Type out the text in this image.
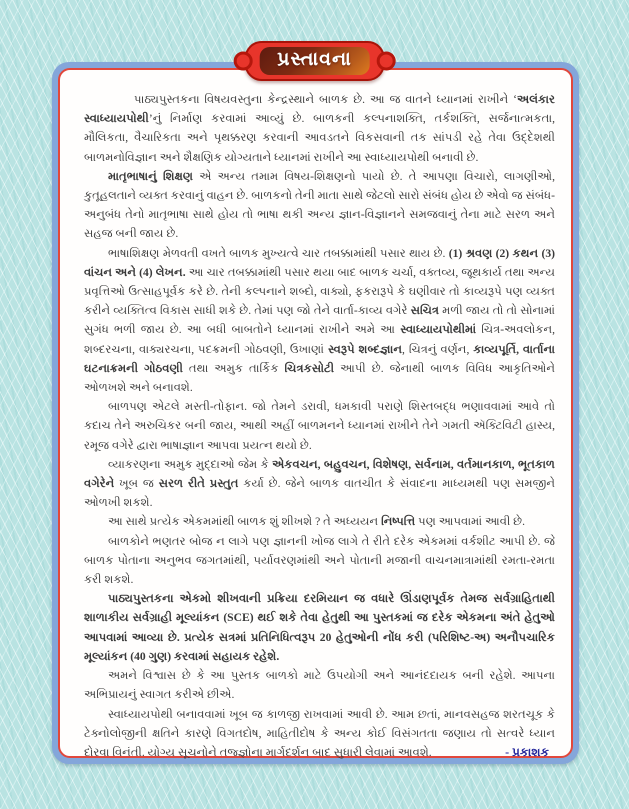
પ્રસ્તાવના

પાઠ્યપુસ્તકના વિષયવસ્તુના કેન્દ્રસ્થાને બાળક છે. આ જ વાતને ધ્યાનમાં રાખીને ‘અલંકાર સ્વાધ્યાયપોથી’નું નિર્માણ કરવામાં આવ્યું છે. બાળકની કલ્પનાશક્તિ, તર્કશક્તિ, સર્જનાત્મકતા, મૌલિકતા, વૈચારિકતા અને પૃથક્કરણ કરવાની આવડતને વિકસવાની તક સાંપડી રહે તેવા ઉદ્દેશથી બાળમનોવિજ્ઞાન અને શૈક્ષણિક યોગ્યતાને ધ્યાનમાં રાખીને આ સ્વાધ્યાયપોથી બનાવી છે.

માતૃભાષાનું શિક્ષણ એ અન્ય તમામ વિષય-શિક્ષણનો પાયો છે. તે આપણા વિચારો, લાગણીઓ, કુતૂહલતાને વ્યક્ત કરવાનું વાહન છે. બાળકનો તેની માતા સાથે જેટલો સારો સંબંધ હોય છે એવો જ સંબંધ-અનુબંધ તેનો માતૃભાષા સાથે હોય તો ભાષા થકી અન્ય જ્ઞાન-વિજ્ઞાનને સમજવાનું તેના માટે સરળ અને સહજ બની જાય છે.

ભાષાશિક્ષણ મેળવતી વખતે બાળક મુખ્યત્વે ચાર તબક્કામાંથી પસાર થાય છે. (1) શ્રવણ (2) કથન (3) વાંચન અને (4) લેખન. આ ચાર તબક્કામાંથી પસાર થયા બાદ બાળક ચર્ચા, વક્તવ્ય, જૂથકાર્ય તથા અન્ય પ્રવૃત્તિઓ ઉત્સાહપૂર્વક કરે છે. તેની કલ્પનાને શબ્દો, વાક્યો, ફકરારૂપે કે ઘણીવાર તો કાવ્યરૂપે પણ વ્યક્ત કરીને વ્યક્તિત્વ વિકાસ સાધી શકે છે. તેમાં પણ જો તેને વાર્તા-કાવ્ય વગેરે સચિત્ર મળી જાય તો તો સોનામાં સુગંધ ભળી જાય છે. આ બધી બાબતોને ધ્યાનમાં રાખીને અમે આ સ્વાધ્યાયપોથીમાં ચિત્ર-અવલોકન, શબ્દરચના, વાક્યરચના, પદક્રમની ગોઠવણી, ઉખાણાં સ્વરૂપે શબ્દજ્ઞાન, ચિત્રનું વર્ણન, કાવ્યપૂર્તિ, વાર્તાના ઘટનાક્રમની ગોઠવણી તથા અમુક તાર્કિક ચિત્રકસોટી આપી છે. જેનાથી બાળક વિવિધ આકૃતિઓને ઓળખશે અને બનાવશે.

બાળપણ એટલે મસ્તી-તોફાન. જો તેમને ડરાવી, ધમકાવી પરાણે શિસ્તબદ્ધ ભણાવવામાં આવે તો કદાચ તેને અરુચિકર બની જાય, આથી અહીં બાળમનને ધ્યાનમાં રાખીને તેને ગમતી ઍક્ટિવિટી હાસ્ય, રમૂજ વગેરે દ્વારા ભાષાજ્ઞાન આપવા પ્રયત્ન થયો છે.

વ્યાકરણના અમુક મુદ્દાઓ જેમ કે એકવચન, બહુવચન, વિશેષણ, સર્વનામ, વર્તમાનકાળ, ભૂતકાળ વગેરેને ખૂબ જ સરળ રીતે પ્રસ્તુત કર્યા છે. જેને બાળક વાતચીત કે સંવાદના માધ્યમથી પણ સમજીને ઓળખી શકશે.

આ સાથે પ્રત્યેક એકમમાંથી બાળક શું શીખશે ? તે અધ્યયન નિષ્પત્તિ પણ આપવામાં આવી છે.

બાળકોને ભણતર બોજ ન લાગે પણ જ્ઞાનની ખોજ લાગે તે રીતે દરેક એકમમાં વર્કશીટ આપી છે. જે બાળક પોતાના અનુભવ જગતમાંથી, પર્યાવરણમાંથી અને પોતાની મજાની વાચનમાત્રામાંથી રમતા-રમતા કરી શકશે.

પાઠ્યપુસ્તકના એકમો શીખવાની પ્રક્રિયા દરમિયાન જ વધારે ઊંડાણપૂર્વક તેમજ સર્વગ્રાહિતાથી શાળાકીય સર્વગ્રાહી મૂલ્યાંકન (SCE) થઈ શકે તેવા હેતુથી આ પુસ્તકમાં જ દરેક એકમના અંતે હેતુઓ આપવામાં આવ્યા છે. પ્રત્યેક સત્રમાં પ્રતિનિધિત્વરૂપ 20 હેતુઓની નોંધ કરી (પરિશિષ્ટ-અ) અનૌપચારિક મૂલ્યાંકન (40 ગુણ) કરવામાં સહાયક રહેશે.

અમને વિશ્વાસ છે કે આ પુસ્તક બાળકો માટે ઉપયોગી અને આનંદદાયક બની રહેશે. આપના અભિપ્રાયનું સ્વાગત કરીએ છીએ.

સ્વાધ્યાયપોથી બનાવવામાં ખૂબ જ કાળજી રાખવામાં આવી છે. આમ છતાં, માનવસહજ શરતચૂક કે ટેક્નોલોજીની ક્ષતિને કારણે વિગતદોષ, માહિતીદોષ કે અન્ય કોઈ વિસંગતતા જણાય તો સત્વરે ધ્યાન દોરવા વિનંતી. યોગ્ય સૂચનોને તજ્જ્ઞોના માર્ગદર્શન બાદ સુધારી લેવામાં આવશે.	- પ્રકાશક
